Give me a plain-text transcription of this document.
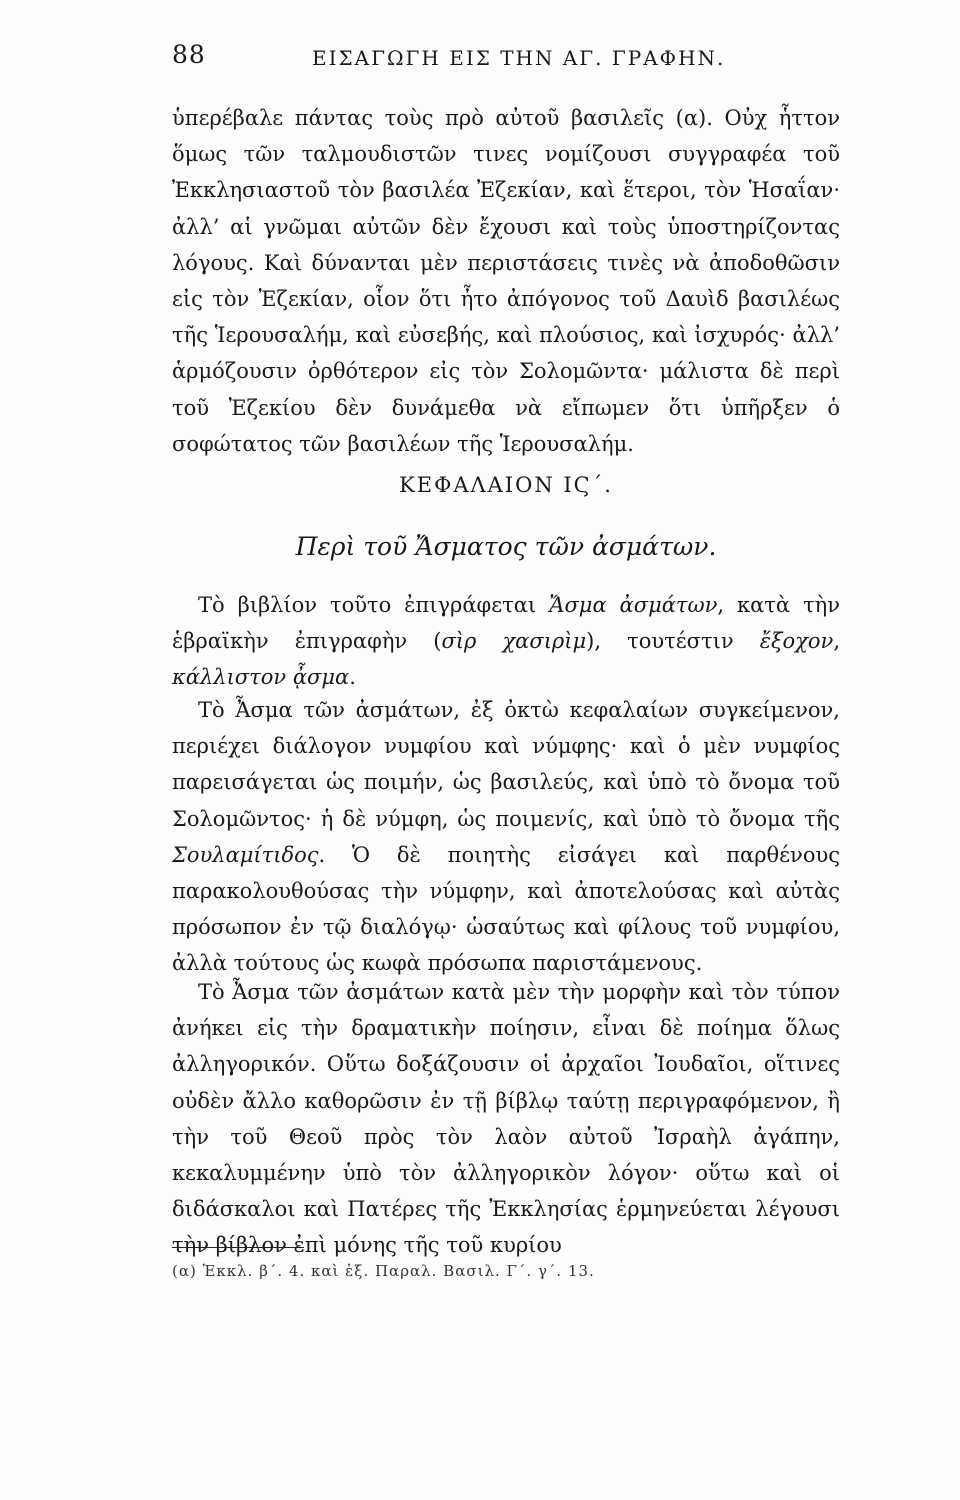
88	ΕΙΣΑΓΩΓΗ ΕΙΣ ΤΗΝ ΑΓ. ΓΡΑΦΗΝ.

ὑπερέβαλε πάντας τοὺς πρὸ αὐτοῦ βασιλεῖς (α). Οὐχ ἧττον ὅμως τῶν ταλμουδιστῶν τινες νομίζουσι συγγραφέα τοῦ Ἐκκλησιαστοῦ τὸν βασιλέα Ἐζεκίαν, καὶ ἕτεροι, τὸν Ἡσαΐαν· ἀλλ’ αἱ γνῶμαι αὐτῶν δὲν ἔχουσι καὶ τοὺς ὑποστηρίζοντας λόγους. Καὶ δύνανται μὲν περιστάσεις τινὲς νὰ ἀποδοθῶσιν εἰς τὸν Ἐζεκίαν, οἷον ὅτι ἦτο ἀπόγονος τοῦ Δαυὶδ βασιλέως τῆς Ἱερουσαλήμ, καὶ εὐσεβής, καὶ πλούσιος, καὶ ἰσχυρός· ἀλλ’ ἁρμόζουσιν ὀρθότερον εἰς τὸν Σολομῶντα· μάλιστα δὲ περὶ τοῦ Ἐζεκίου δὲν δυνάμεθα νὰ εἴπωμεν ὅτι ὑπῆρξεν ὁ σοφώτατος τῶν βασιλέων τῆς Ἱερουσαλήμ.

ΚΕΦΑΛΑΙΟΝ ΙϚ΄.
Περὶ τοῦ Ἄσματος τῶν ἀσμάτων.

Τὸ βιβλίον τοῦτο ἐπιγράφεται Ἄσμα ἀσμάτων, κατὰ τὴν ἑβραϊκὴν ἐπιγραφὴν (σὶρ χασιρὶμ), τουτέστιν ἔξοχον, κάλλιστον ᾆσμα.

Τὸ Ἆσμα τῶν ἀσμάτων, ἐξ ὀκτὼ κεφαλαίων συγκείμενον, περιέχει διάλογον νυμφίου καὶ νύμφης· καὶ ὁ μὲν νυμφίος παρεισάγεται ὡς ποιμήν, ὡς βασιλεύς, καὶ ὑπὸ τὸ ὄνομα τοῦ Σολομῶντος· ἡ δὲ νύμφη, ὡς ποιμενίς, καὶ ὑπὸ τὸ ὄνομα τῆς Σουλαμίτιδος. Ὁ δὲ ποιητὴς εἰσάγει καὶ παρθένους παρακολουθούσας τὴν νύμφην, καὶ ἀποτελούσας καὶ αὐτὰς πρόσωπον ἐν τῷ διαλόγῳ· ὡσαύτως καὶ φίλους τοῦ νυμφίου, ἀλλὰ τούτους ὡς κωφὰ πρόσωπα παριστάμενους.

Τὸ Ἆσμα τῶν ἀσμάτων κατὰ μὲν τὴν μορφὴν καὶ τὸν τύπον ἀνήκει εἰς τὴν δραματικὴν ποίησιν, εἶναι δὲ ποίημα ὅλως ἀλληγορικόν. Οὕτω δοξάζουσιν οἱ ἀρχαῖοι Ἰουδαῖοι, οἵτινες οὐδὲν ἄλλο καθορῶσιν ἐν τῇ βίβλῳ ταύτῃ περιγραφόμενον, ἢ τὴν τοῦ Θεοῦ πρὸς τὸν λαὸν αὐτοῦ Ἰσραὴλ ἀγάπην, κεκαλυμμένην ὑπὸ τὸν ἀλληγορικὸν λόγον· οὕτω καὶ οἱ διδάσκαλοι καὶ Πατέρες τῆς Ἐκκλησίας ἑρμηνεύεται λέγουσι τὴν βίβλον ἐπὶ μόνης τῆς τοῦ κυρίου

(α) Ἐκκλ. β΄. 4. καὶ ἑξ. Παραλ. Βασιλ. Γ΄. γ΄. 13.
